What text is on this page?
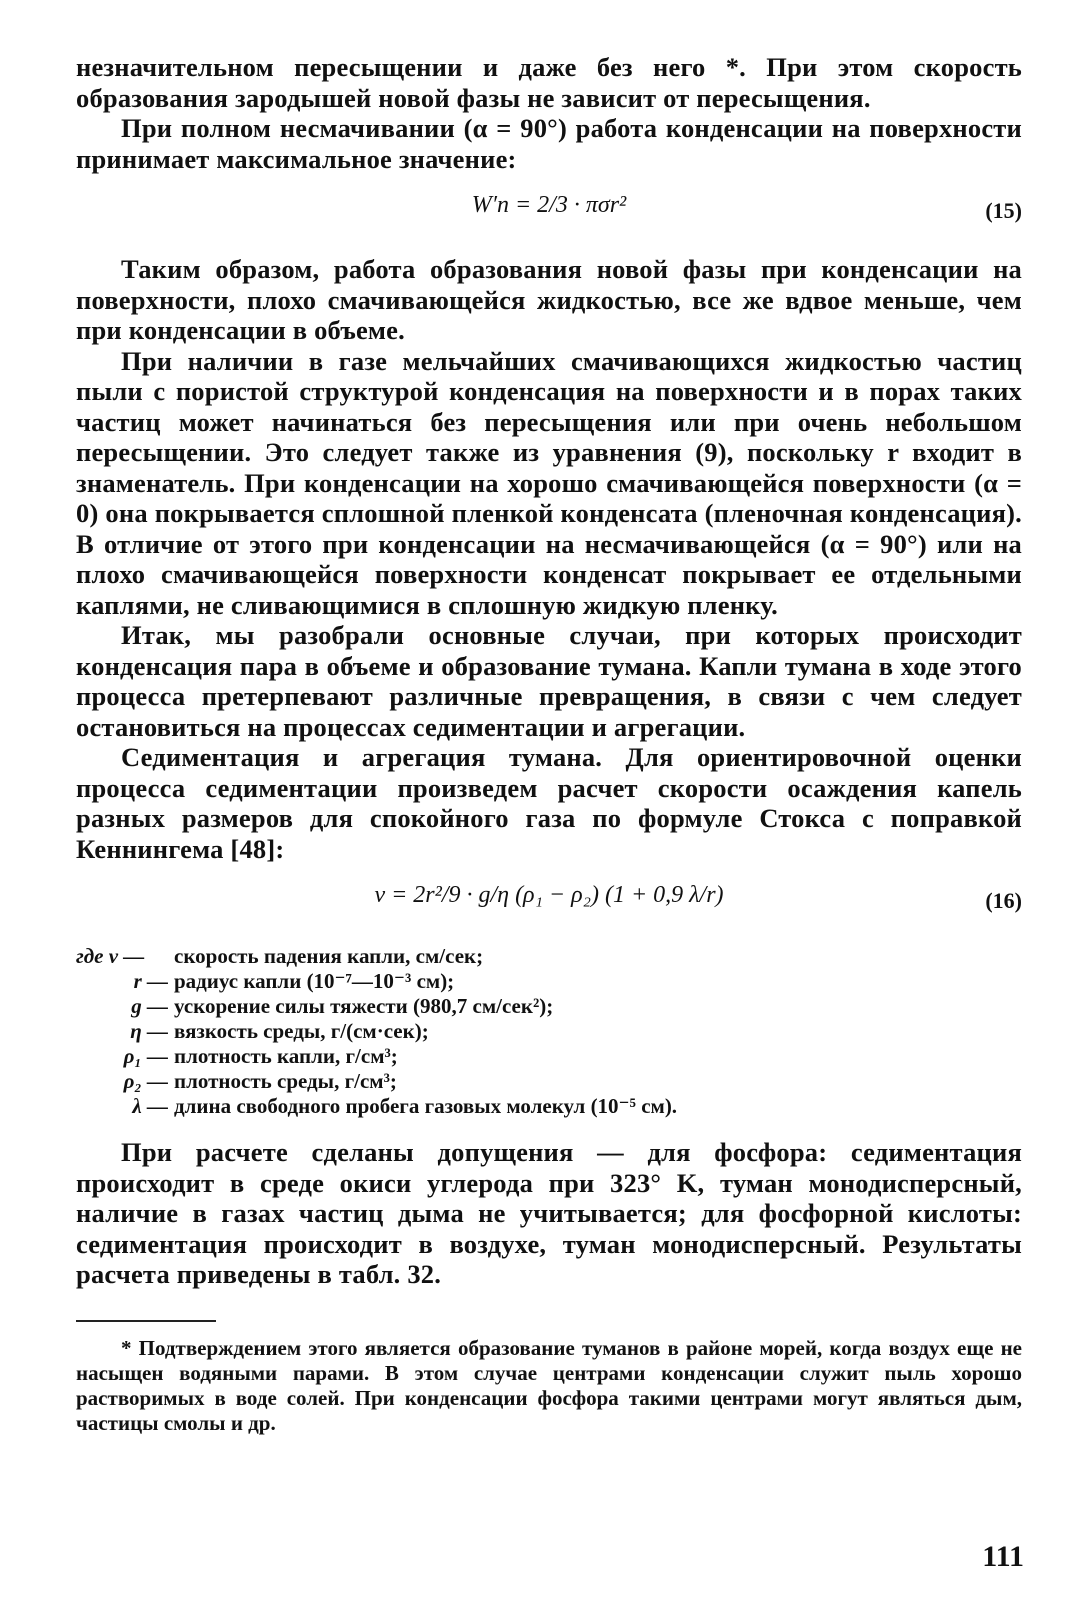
незначительном пересыщении и даже без него *. При этом скорость образования зародышей новой фазы не зависит от пересыщения.

При полном несмачивании (α = 90°) работа конденсации на поверхности принимает максимальное значение:

W′п = 2/3 · πσr²	(15)

Таким образом, работа образования новой фазы при конденсации на поверхности, плохо смачивающейся жидкостью, все же вдвое меньше, чем при конденсации в объеме.

При наличии в газе мельчайших смачивающихся жидкостью частиц пыли с пористой структурой конденсация на поверхности и в порах таких частиц может начинаться без пересыщения или при очень небольшом пересыщении. Это следует также из уравнения (9), поскольку r входит в знаменатель. При конденсации на хорошо смачивающейся поверхности (α = 0) она покрывается сплошной пленкой конденсата (пленочная конденсация). В отличие от этого при конденсации на несмачивающейся (α = 90°) или на плохо смачивающейся поверхности конденсат покрывает ее отдельными каплями, не сливающимися в сплошную жидкую пленку.

Итак, мы разобрали основные случаи, при которых происходит конденсация пара в объеме и образование тумана. Капли тумана в ходе этого процесса претерпевают различные превращения, в связи с чем следует остановиться на процессах седиментации и агрегации.

Седиментация и агрегация тумана. Для ориентировочной оценки процесса седиментации произведем расчет скорости осаждения капель разных размеров для спокойного газа по формуле Стокса с поправкой Кеннингема [48]:

v = 2r²/9 · g/η (ρ₁ − ρ₂) (1 + 0,9 λ/r)	(16)
где v —	скорость падения капли, см/сек;
r — радиус капли (10⁻⁷—10⁻³ см);
g — ускорение силы тяжести (980,7 см/сек²);
η — вязкость среды, г/(см·сек);
ρ₁ — плотность капли, г/см³;
ρ₂ — плотность среды, г/см³;
λ — длина свободного пробега газовых молекул (10⁻⁵ см).

При расчете сделаны допущения — для фосфора: седиментация происходит в среде окиси углерода при 323° K, туман монодисперсный, наличие в газах частиц дыма не учитывается; для фосфорной кислоты: седиментация происходит в воздухе, туман монодисперсный. Результаты расчета приведены в табл. 32.

* Подтверждением этого является образование туманов в районе морей, когда воздух еще не насыщен водяными парами. В этом случае центрами конденсации служит пыль хорошо растворимых в воде солей. При конденсации фосфора такими центрами могут являться дым, частицы смолы и др.

111
